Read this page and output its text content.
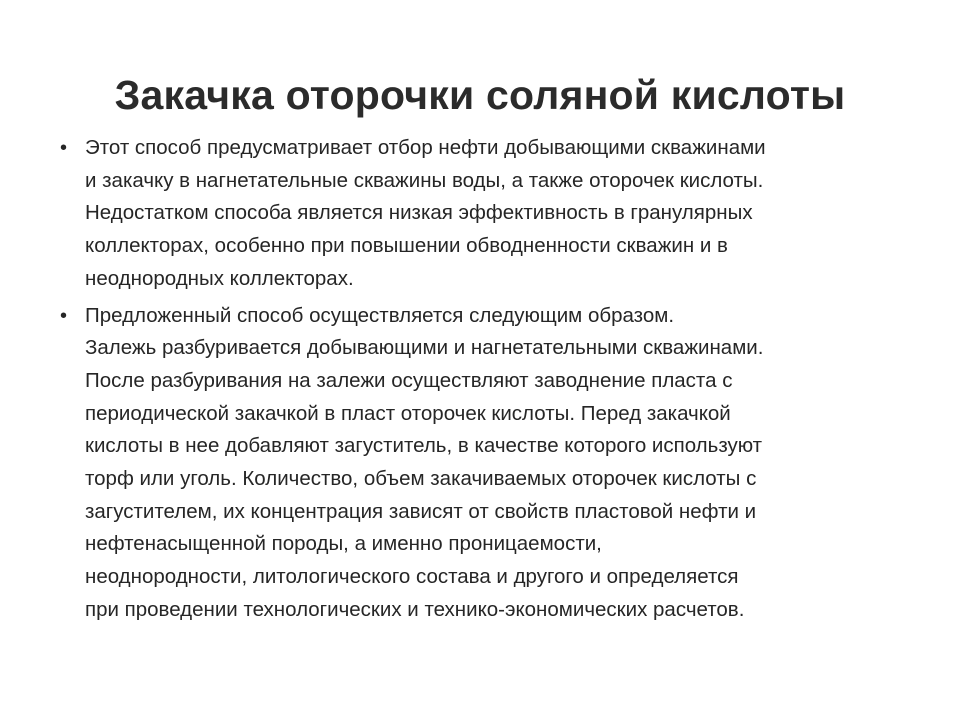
Закачка оторочки соляной кислоты
• Этот способ предусматривает отбор нефти добывающими скважинами
и закачку в нагнетательные скважины воды, а также оторочек кислоты.
Недостатком способа является низкая эффективность в гранулярных
коллекторах, особенно при повышении обводненности скважин и в
неоднородных коллекторах.
• Предложенный способ осуществляется следующим образом.
Залежь разбуривается добывающими и нагнетательными скважинами.
После разбуривания на залежи осуществляют заводнение пласта с
периодической закачкой в пласт оторочек кислоты. Перед закачкой
кислоты в нее добавляют загуститель, в качестве которого используют
торф или уголь. Количество, объем закачиваемых оторочек кислоты с
загустителем, их концентрация зависят от свойств пластовой нефти и
нефтенасыщенной породы, а именно проницаемости,
неоднородности, литологического состава и другого и определяется
при проведении технологических и технико-экономических расчетов.
